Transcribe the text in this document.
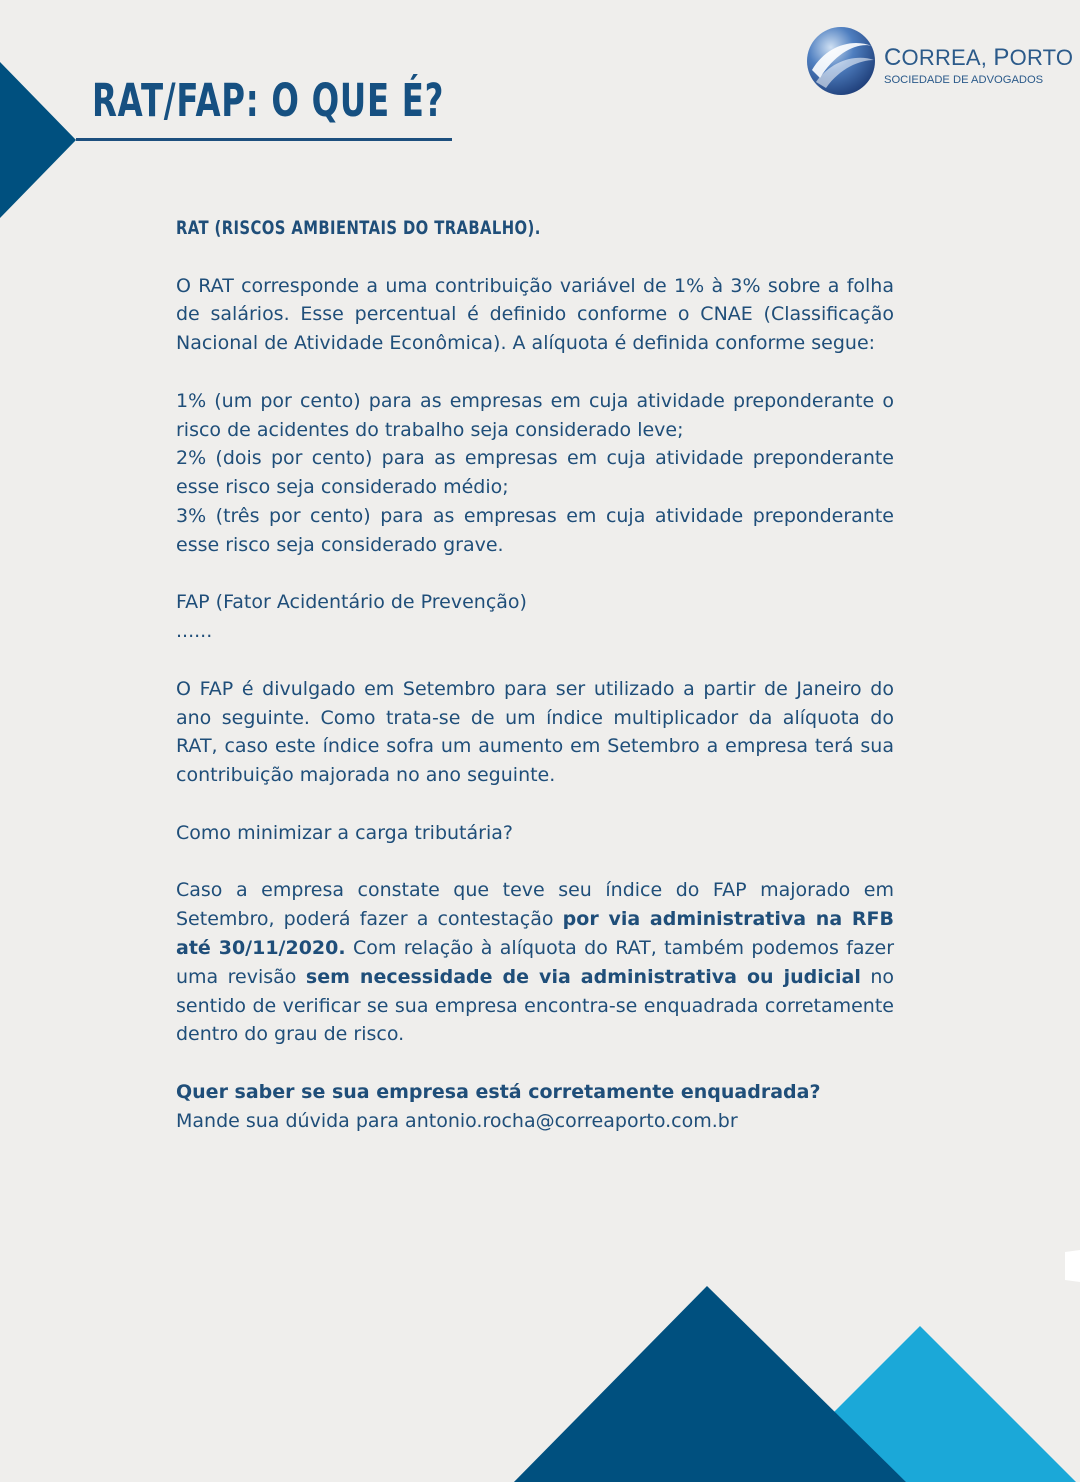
CORREA, PORTO
SOCIEDADE DE ADVOGADOS
RAT/FAP: O QUE É?

RAT (RISCOS AMBIENTAIS DO TRABALHO).

O RAT corresponde a uma contribuição variável de 1% à 3% sobre a folha de salários. Esse percentual é definido conforme o CNAE (Classificação Nacional de Atividade Econômica). A alíquota é definida conforme segue:

1% (um por cento) para as empresas em cuja atividade preponderante o risco de acidentes do trabalho seja considerado leve;

2% (dois por cento) para as empresas em cuja atividade preponderante esse risco seja considerado médio;

3% (três por cento) para as empresas em cuja atividade preponderante esse risco seja considerado grave.

FAP (Fator Acidentário de Prevenção)

......

O FAP é divulgado em Setembro para ser utilizado a partir de Janeiro do ano seguinte. Como trata-se de um índice multiplicador da alíquota do RAT, caso este índice sofra um aumento em Setembro a empresa terá sua contribuição majorada no ano seguinte.

Como minimizar a carga tributária?

Caso a empresa constate que teve seu índice do FAP majorado em Setembro, poderá fazer a contestação por via administrativa na RFB até 30/11/2020. Com relação à alíquota do RAT, também podemos fazer uma revisão sem necessidade de via administrativa ou judicial no sentido de verificar se sua empresa encontra-se enquadrada corretamente dentro do grau de risco.

Quer saber se sua empresa está corretamente enquadrada?

Mande sua dúvida para antonio.rocha@correaporto.com.br
